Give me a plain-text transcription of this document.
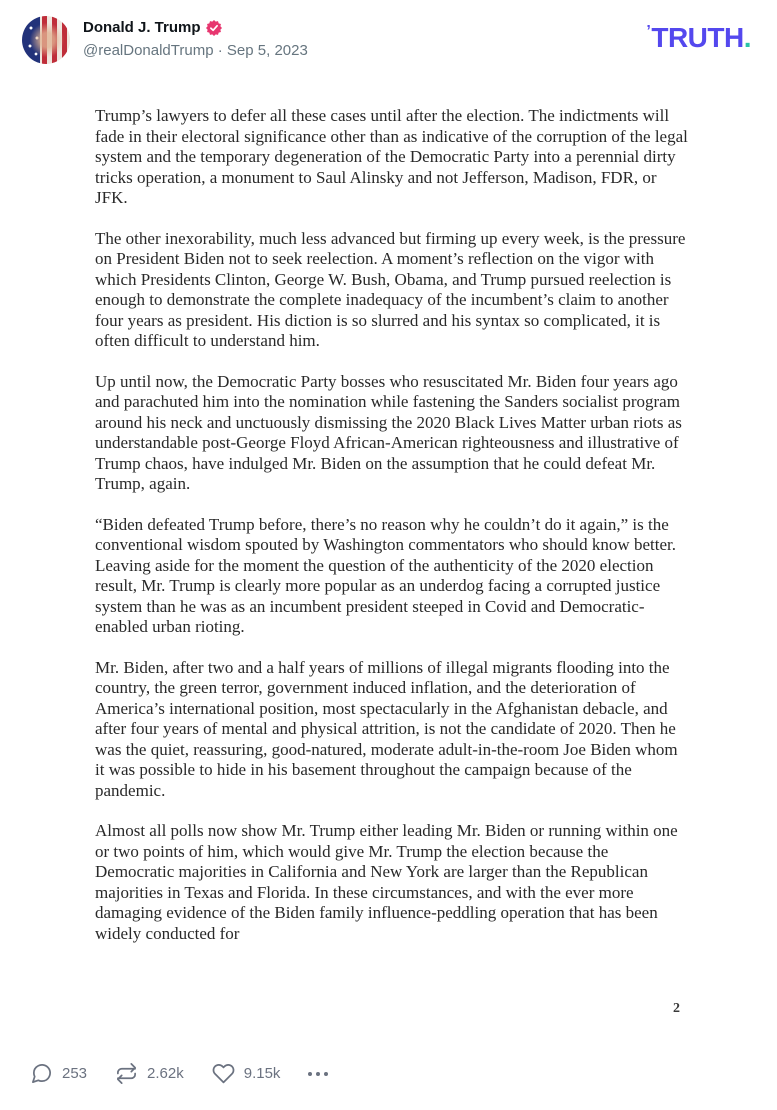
Donald J. Trump
@realDonaldTrump · Sep 5, 2023
ʼ TRUTH .

Trump’s lawyers to defer all these cases until after the election. The indictments will fade in their electoral significance other than as indicative of the corruption of the legal system and the temporary degeneration of the Democratic Party into a perennial dirty tricks operation, a monument to Saul Alinsky and not Jefferson, Madison, FDR, or JFK.

The other inexorability, much less advanced but firming up every week, is the pressure on President Biden not to seek reelection. A moment’s reflection on the vigor with which Presidents Clinton, George W. Bush, Obama, and Trump pursued reelection is enough to demonstrate the complete inadequacy of the incumbent’s claim to another four years as president. His diction is so slurred and his syntax so complicated, it is often difficult to understand him.

Up until now, the Democratic Party bosses who resuscitated Mr. Biden four years ago and parachuted him into the nomination while fastening the Sanders socialist program around his neck and unctuously dismissing the 2020 Black Lives Matter urban riots as understandable post-George Floyd African-American righteousness and illustrative of Trump chaos, have indulged Mr. Biden on the assumption that he could defeat Mr. Trump, again.

“Biden defeated Trump before, there’s no reason why he couldn’t do it again,” is the conventional wisdom spouted by Washington commentators who should know better. Leaving aside for the moment the question of the authenticity of the 2020 election result, Mr. Trump is clearly more popular as an underdog facing a corrupted justice system than he was as an incumbent president steeped in Covid and Democratic-enabled urban rioting.

Mr. Biden, after two and a half years of millions of illegal migrants flooding into the country, the green terror, government induced inflation, and the deterioration of America’s international position, most spectacularly in the Afghanistan debacle, and after four years of mental and physical attrition, is not the candidate of 2020. Then he was the quiet, reassuring, good-natured, moderate adult-in-the-room Joe Biden whom it was possible to hide in his basement throughout the campaign because of the pandemic.

Almost all polls now show Mr. Trump either leading Mr. Biden or running within one or two points of him, which would give Mr. Trump the election because the Democratic majorities in California and New York are larger than the Republican majorities in Texas and Florida. In these circumstances, and with the ever more damaging evidence of the Biden family influence-peddling operation that has been widely conducted for

2
253	2.62k	9.15k
